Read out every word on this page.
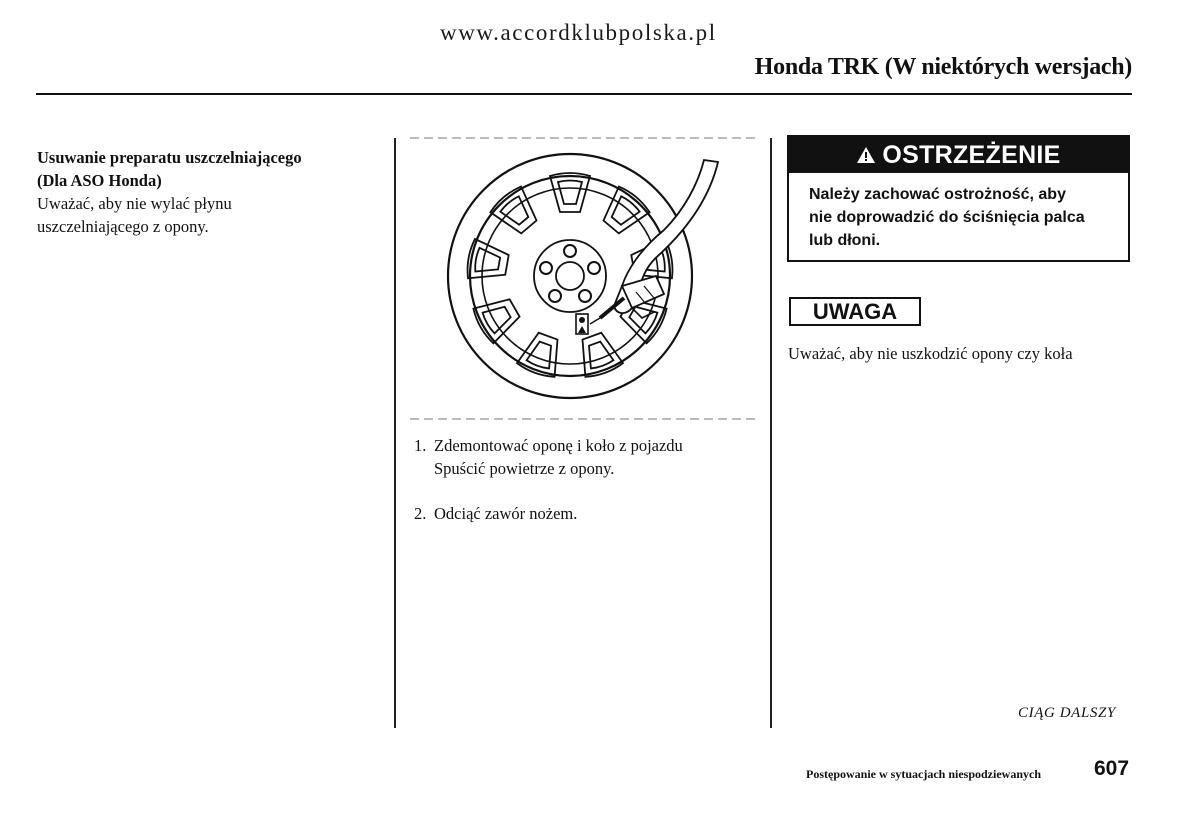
www.accordklubpolska.pl
Honda TRK (W niektórych wersjach)
Usuwanie preparatu uszczelniającego
(Dla ASO Honda)
Uważać, aby nie wylać płynu
uszczelniającego z opony.
1. Zdemontować oponę i koło z pojazdu
Spuścić powietrze z opony.
2. Odciąć zawór nożem.
OSTRZEŻENIE
Należy zachować ostrożność, aby
nie doprowadzić do ściśnięcia palca
lub dłoni.
UWAGA
Uważać, aby nie uszkodzić opony czy koła
CIĄG DALSZY
Postępowanie w sytuacjach niespodziewanych	607
